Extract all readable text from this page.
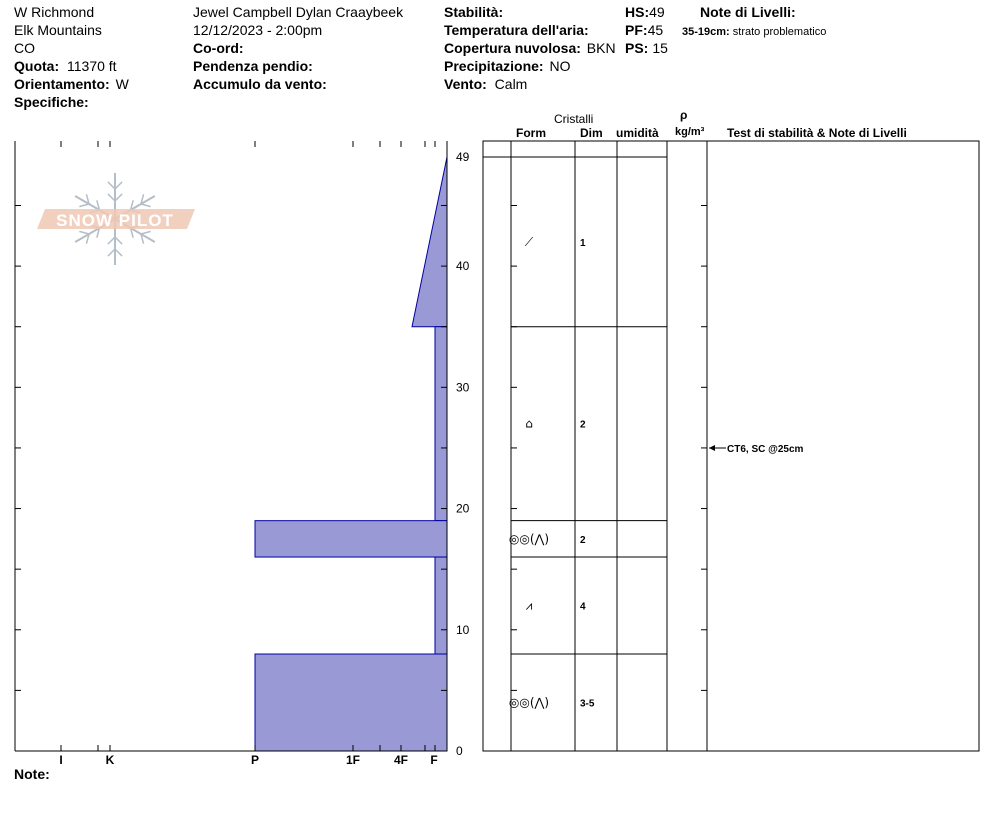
W Richmond
Elk Mountains
CO
Quota: 11370 ft
Orientamento: W
Specifiche:
Jewel Campbell Dylan Craaybeek
12/12/2023 - 2:00pm
Co-ord:
Pendenza pendio:
Accumulo da vento:
Stabilità:
Temperatura dell'aria:
Copertura nuvolosa: BKN
Precipitazione: NO
Vento: Calm
HS:49
PF:45
PS: 15
Note di Livelli:
35-19cm: strato problematico
Cristalli
Form	Dim umidità
ρ
kg/m³ Test di stabilità & Note di Livelli
Note:
I	K	P	1F	4F F
0
10
20
30
40
49
SNOW PILOT
⟋	1
⌂	2
◎◎(⋀)	2
⩘	4
◎◎(⋀)	3-5
CT6, SC @25cm
